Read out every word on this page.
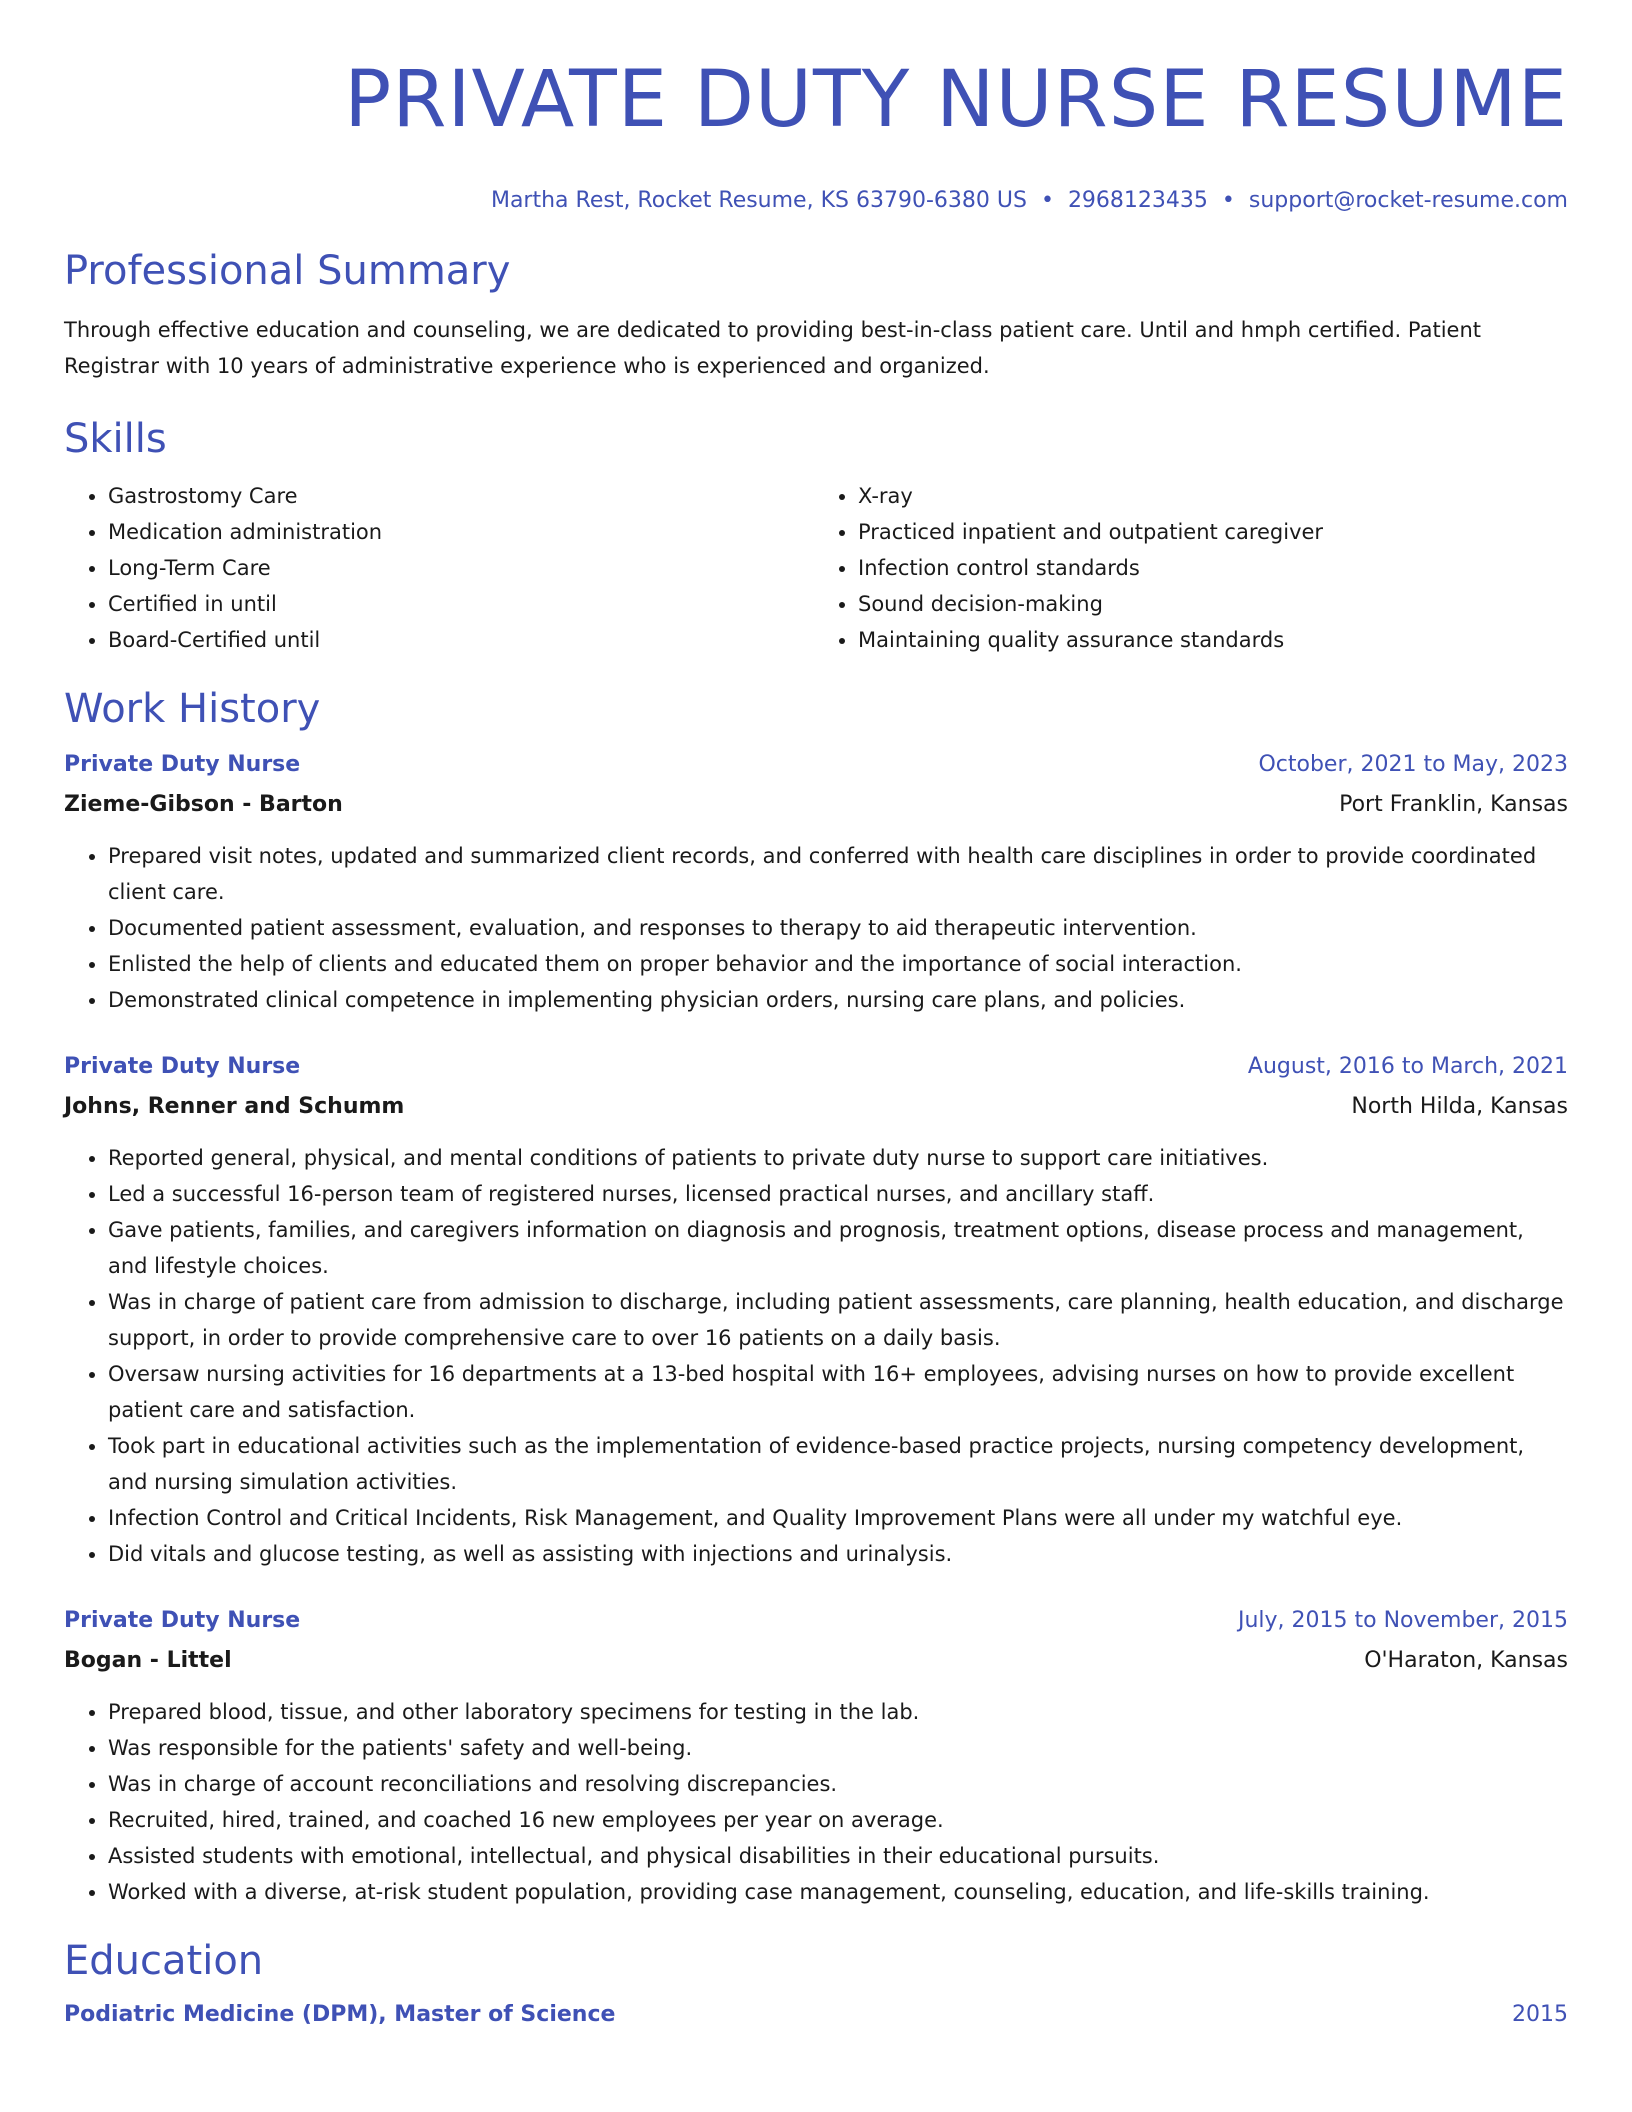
PRIVATE DUTY NURSE RESUME
Martha Rest, Rocket Resume, KS 63790-6380 US • 2968123435 • support@rocket-resume.com
Professional Summary
Through effective education and counseling, we are dedicated to providing best-in-class patient care. Until and hmph certified. Patient Registrar with 10 years of administrative experience who is experienced and organized.
Skills
• Gastrostomy Care
• Medication administration
• Long-Term Care
• Certified in until
• Board-Certified until
• X-ray
• Practiced inpatient and outpatient caregiver
• Infection control standards
• Sound decision-making
• Maintaining quality assurance standards
Work History
Private Duty Nurse	October, 2021 to May, 2023
Zieme-Gibson - Barton	Port Franklin, Kansas
• Prepared visit notes, updated and summarized client records, and conferred with health care disciplines in order to provide coordinated client care.
• Documented patient assessment, evaluation, and responses to therapy to aid therapeutic intervention.
• Enlisted the help of clients and educated them on proper behavior and the importance of social interaction.
• Demonstrated clinical competence in implementing physician orders, nursing care plans, and policies.
Private Duty Nurse	August, 2016 to March, 2021
Johns, Renner and Schumm	North Hilda, Kansas
• Reported general, physical, and mental conditions of patients to private duty nurse to support care initiatives.
• Led a successful 16-person team of registered nurses, licensed practical nurses, and ancillary staff.
• Gave patients, families, and caregivers information on diagnosis and prognosis, treatment options, disease process and management, and lifestyle choices.
• Was in charge of patient care from admission to discharge, including patient assessments, care planning, health education, and discharge support, in order to provide comprehensive care to over 16 patients on a daily basis.
• Oversaw nursing activities for 16 departments at a 13-bed hospital with 16+ employees, advising nurses on how to provide excellent patient care and satisfaction.
• Took part in educational activities such as the implementation of evidence-based practice projects, nursing competency development, and nursing simulation activities.
• Infection Control and Critical Incidents, Risk Management, and Quality Improvement Plans were all under my watchful eye.
• Did vitals and glucose testing, as well as assisting with injections and urinalysis.
Private Duty Nurse	July, 2015 to November, 2015
Bogan - Littel	O'Haraton, Kansas
• Prepared blood, tissue, and other laboratory specimens for testing in the lab.
• Was responsible for the patients' safety and well-being.
• Was in charge of account reconciliations and resolving discrepancies.
• Recruited, hired, trained, and coached 16 new employees per year on average.
• Assisted students with emotional, intellectual, and physical disabilities in their educational pursuits.
• Worked with a diverse, at-risk student population, providing case management, counseling, education, and life-skills training.
Education
Podiatric Medicine (DPM), Master of Science	2015
